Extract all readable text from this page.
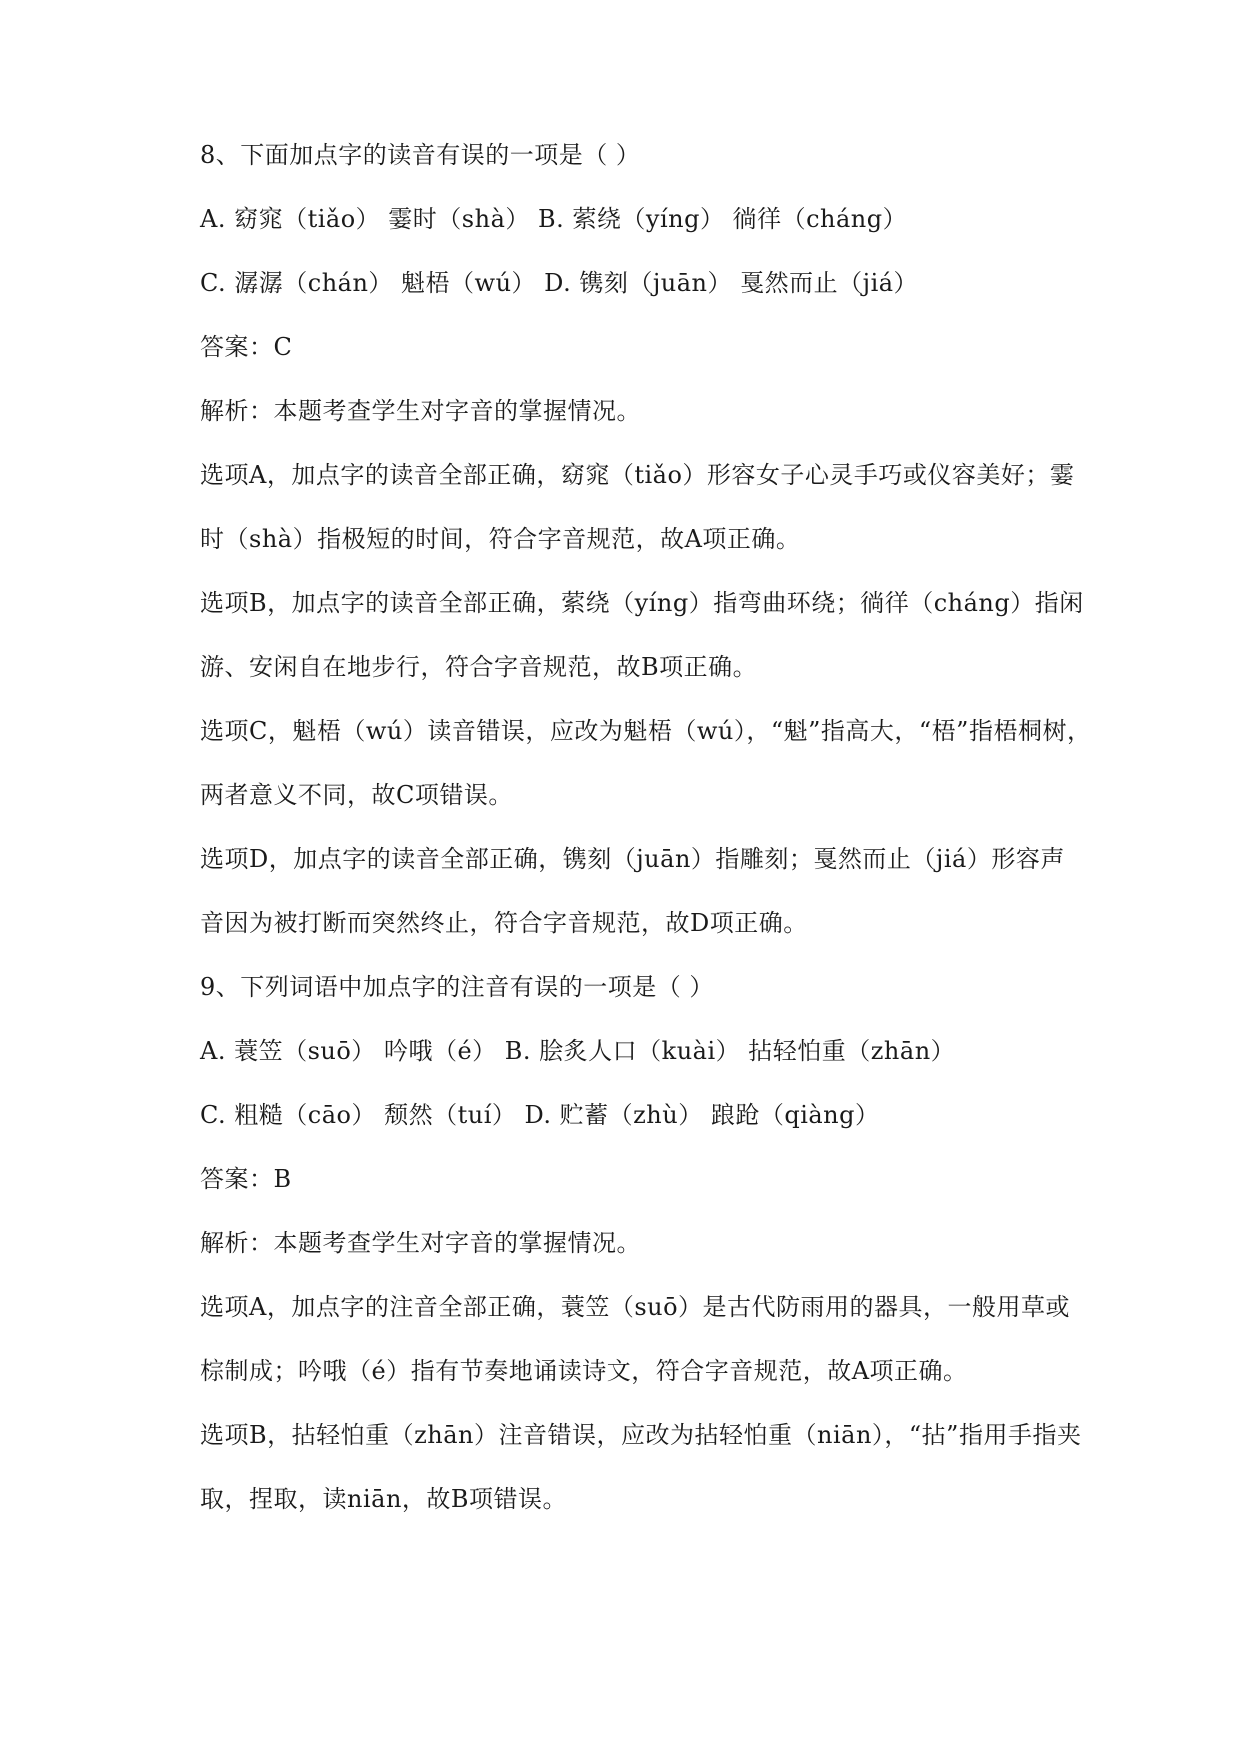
8、下面加点字的读音有误的一项是（ ）
A. 窈窕（tiǎo） 霎时（shà） B. 萦绕（yíng） 徜徉（cháng）
C. 潺潺（chán） 魁梧（wú） D. 镌刻（juān） 戛然而止（jiá）
答案：C
解析：本题考查学生对字音的掌握情况。
选项A，加点字的读音全部正确，窈窕（tiǎo）形容女子心灵手巧或仪容美好；霎
时（shà）指极短的时间，符合字音规范，故A项正确。
选项B，加点字的读音全部正确，萦绕（yíng）指弯曲环绕；徜徉（cháng）指闲
游、安闲自在地步行，符合字音规范，故B项正确。
选项C，魁梧（wú）读音错误，应改为魁梧（wú），“魁”指高大，“梧”指梧桐树，
两者意义不同，故C项错误。
选项D，加点字的读音全部正确，镌刻（juān）指雕刻；戛然而止（jiá）形容声
音因为被打断而突然终止，符合字音规范，故D项正确。
9、下列词语中加点字的注音有误的一项是（ ）
A. 蓑笠（suō） 吟哦（é） B. 脍炙人口（kuài） 拈轻怕重（zhān）
C. 粗糙（cāo） 颓然（tuí） D. 贮蓄（zhù） 踉跄（qiàng）
答案：B
解析：本题考查学生对字音的掌握情况。
选项A，加点字的注音全部正确，蓑笠（suō）是古代防雨用的器具，一般用草或
棕制成；吟哦（é）指有节奏地诵读诗文，符合字音规范，故A项正确。
选项B，拈轻怕重（zhān）注音错误，应改为拈轻怕重（niān），“拈”指用手指夹
取，捏取，读niān，故B项错误。
